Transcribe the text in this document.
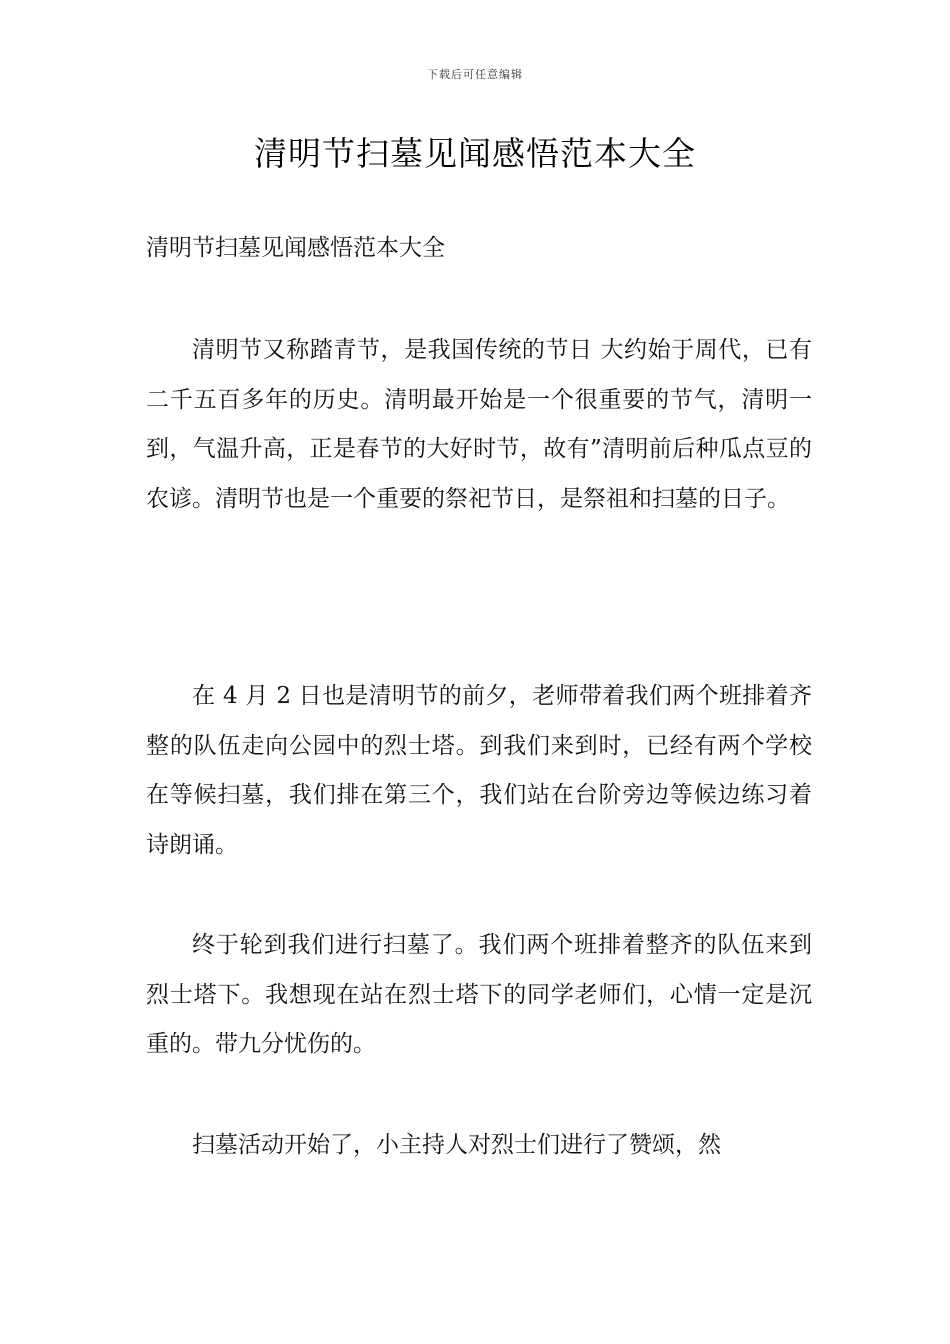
下载后可任意编辑
清明节扫墓见闻感悟范本大全

清明节扫墓见闻感悟范本大全

清明节又称踏青节，是我国传统的节日 大约始于周代，已有二千五百多年的历史。清明最开始是一个很重要的节气，清明一到，气温升高，正是春节的大好时节，故有”清明前后种瓜点豆的农谚。清明节也是一个重要的祭祀节日，是祭祖和扫墓的日子。

在 4 月 2 日也是清明节的前夕，老师带着我们两个班排着齐整的队伍走向公园中的烈士塔。到我们来到时，已经有两个学校在等候扫墓，我们排在第三个，我们站在台阶旁边等候边练习着诗朗诵。

终于轮到我们进行扫墓了。我们两个班排着整齐的队伍来到烈士塔下。我想现在站在烈士塔下的同学老师们，心情一定是沉重的。带九分忧伤的。

扫墓活动开始了，小主持人对烈士们进行了赞颂，然
